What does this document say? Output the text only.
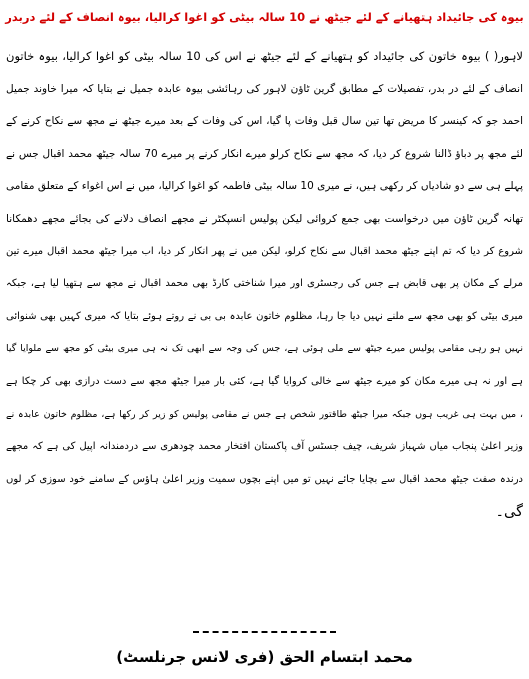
بیوہ کی جائیداد ہتھیانے کے لئے جیٹھ نے 10 سالہ بیٹی کو اغوا کرالیا، بیوہ انصاف کے لئے دربدر
لاہور( ) بیوہ خاتون کی جائیداد کو ہتھیانے کے لئے جیٹھ نے اس کی 10 سالہ بیٹی کو اغوا کرالیا، بیوہ خاتون
انصاف کے لئے در بدر، تفصیلات کے مطابق گرین ٹاؤن لاہور کی رہائشی بیوہ عابدہ جمیل نے بتایا کہ میرا خاوند جمیل
احمد جو کہ کینسر کا مریض تھا تین سال قبل وفات پا گیا، اس کی وفات کے بعد میرے جیٹھ نے مجھ سے نکاح کرنے کے
لئے مجھ پر دباؤ ڈالنا شروع کر دیا، کہ مجھ سے نکاح کرلو میرے انکار کرنے پر میرے 70 سالہ جیٹھ محمد اقبال جس نے
پہلے ہی سے دو شادیاں کر رکھی ہیں، نے میری 10 سالہ بیٹی فاطمہ کو اغوا کرالیا، میں نے اس اغواء کے متعلق مقامی
تھانہ گرین ٹاؤن میں درخواست بھی جمع کروائی لیکن پولیس انسپکٹر نے مجھے انصاف دلانے کی بجائے مجھے دھمکانا
شروع کر دیا کہ تم اپنے جیٹھ محمد اقبال سے نکاح کرلو، لیکن میں نے پھر انکار کر دیا، اب میرا جیٹھ محمد اقبال میرے تین
مرلے کے مکان پر بھی قابض ہے جس کی رجسٹری اور میرا شناختی کارڈ بھی محمد اقبال نے مجھ سے ہتھیا لیا ہے، جبکہ
میری بیٹی کو بھی مجھ سے ملنے نہیں دیا جا رہا، مظلوم خاتون عابدہ بی بی نے روتے ہوئے بتایا کہ میری کہیں بھی شنوائی
نہیں ہو رہی مقامی پولیس میرے جیٹھ سے ملی ہوئی ہے، جس کی وجہ سے ابھی تک نہ ہی میری بیٹی کو مجھ سے ملوایا گیا
ہے اور نہ ہی میرے مکان کو میرے جیٹھ سے خالی کروایا گیا ہے، کئی بار میرا جیٹھ مجھ سے دست درازی بھی کر چکا ہے
، میں بہت ہی غریب ہوں جبکہ میرا جیٹھ طاقتور شخص ہے جس نے مقامی پولیس کو زیر کر رکھا ہے، مظلوم خاتون عابدہ نے
وزیر اعلیٰ پنجاب میاں شہباز شریف، چیف جسٹس آف پاکستان افتخار محمد چودھری سے دردمندانہ اپیل کی ہے کہ مجھے
درندہ صفت جیٹھ محمد اقبال سے بچایا جائے نہیں تو میں اپنے بچوں سمیت وزیر اعلیٰ ہاؤس کے سامنے خود سوزی کر لوں
گی۔
محمد ابتسام الحق (فری لانس جرنلسٹ)
